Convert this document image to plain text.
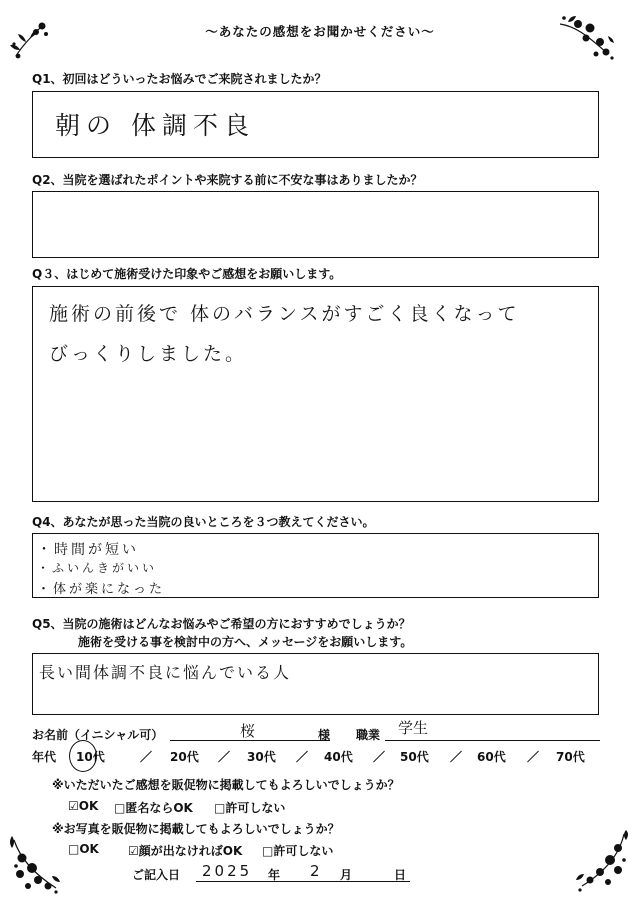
〜あなたの感想をお聞かせください〜
Q1、初回はどういったお悩みでご来院されましたか？
朝の 体調不良
Q2、当院を選ばれたポイントや来院する前に不安な事はありましたか？
Q３、はじめて施術受けた印象やご感想をお願いします。
施術の前後で 体のバランスがすごく良くなって
びっくりしました。
Q4、あなたが思った当院の良いところを３つ教えてください。
・時間が短い
・ふいんきがいい
・体が楽になった
Q5、当院の施術はどんなお悩みやご希望の方におすすめでしょうか？
施術を受ける事を検討中の方へ、メッセージをお願いします。
長い間体調不良に悩んでいる人
お名前（イニシャル可）	桜	様 職業 学生
年代 10代	／ 20代 ／ 30代 ／ 40代 ／ 50代 ／ 60代 ／ 70代
※いただいたご感想を販促物に掲載してもよろしいでしょうか？
☑OK □匿名ならOK □許可しない
※お写真を販促物に掲載してもよろしいでしょうか？
□OK ☑顔が出なければOK □許可しない
ご記入日 2025 年 2 月	日
